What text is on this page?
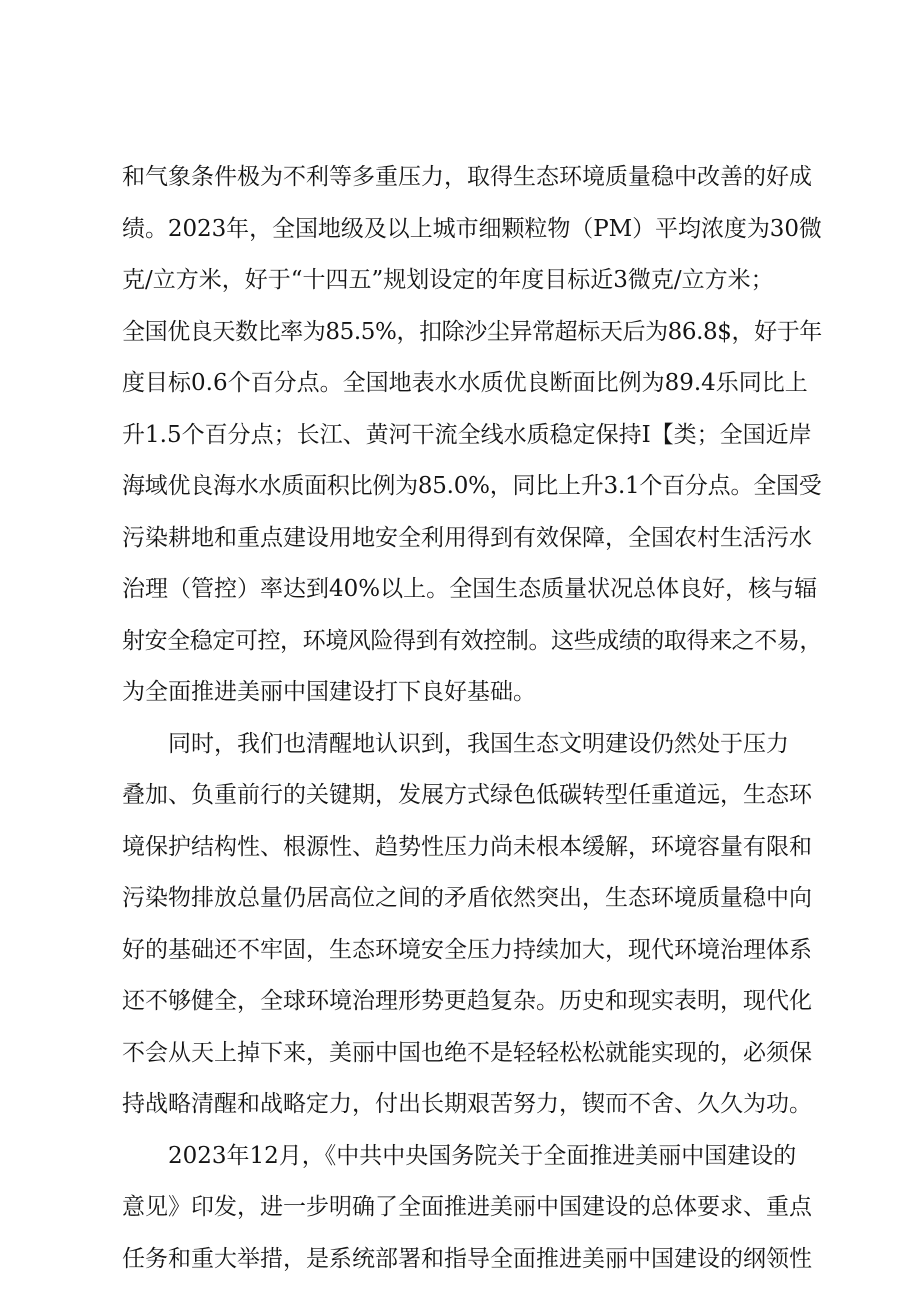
和气象条件极为不利等多重压力，取得生态环境质量稳中改善的好成
绩。2023年，全国地级及以上城市细颗粒物（PM）平均浓度为30微
克/立方米，好于“十四五”规划设定的年度目标近3微克/立方米；
全国优良天数比率为85.5%，扣除沙尘异常超标天后为86.8$，好于年
度目标0.6个百分点。全国地表水水质优良断面比例为89.4乐同比上
升1.5个百分点；长江、黄河干流全线水质稳定保持I【类；全国近岸
海域优良海水水质面积比例为85.0%，同比上升3.1个百分点。全国受
污染耕地和重点建设用地安全利用得到有效保障，全国农村生活污水
治理（管控）率达到40%以上。全国生态质量状况总体良好，核与辐
射安全稳定可控，环境风险得到有效控制。这些成绩的取得来之不易，
为全面推进美丽中国建设打下良好基础。
同时，我们也清醒地认识到，我国生态文明建设仍然处于压力
叠加、负重前行的关键期，发展方式绿色低碳转型任重道远，生态环
境保护结构性、根源性、趋势性压力尚未根本缓解，环境容量有限和
污染物排放总量仍居高位之间的矛盾依然突出，生态环境质量稳中向
好的基础还不牢固，生态环境安全压力持续加大，现代环境治理体系
还不够健全，全球环境治理形势更趋复杂。历史和现实表明，现代化
不会从天上掉下来，美丽中国也绝不是轻轻松松就能实现的，必须保
持战略清醒和战略定力，付出长期艰苦努力，锲而不舍、久久为功。
2023年12月，《中共中央国务院关于全面推进美丽中国建设的
意见》印发，进一步明确了全面推进美丽中国建设的总体要求、重点
任务和重大举措，是系统部署和指导全面推进美丽中国建设的纲领性
